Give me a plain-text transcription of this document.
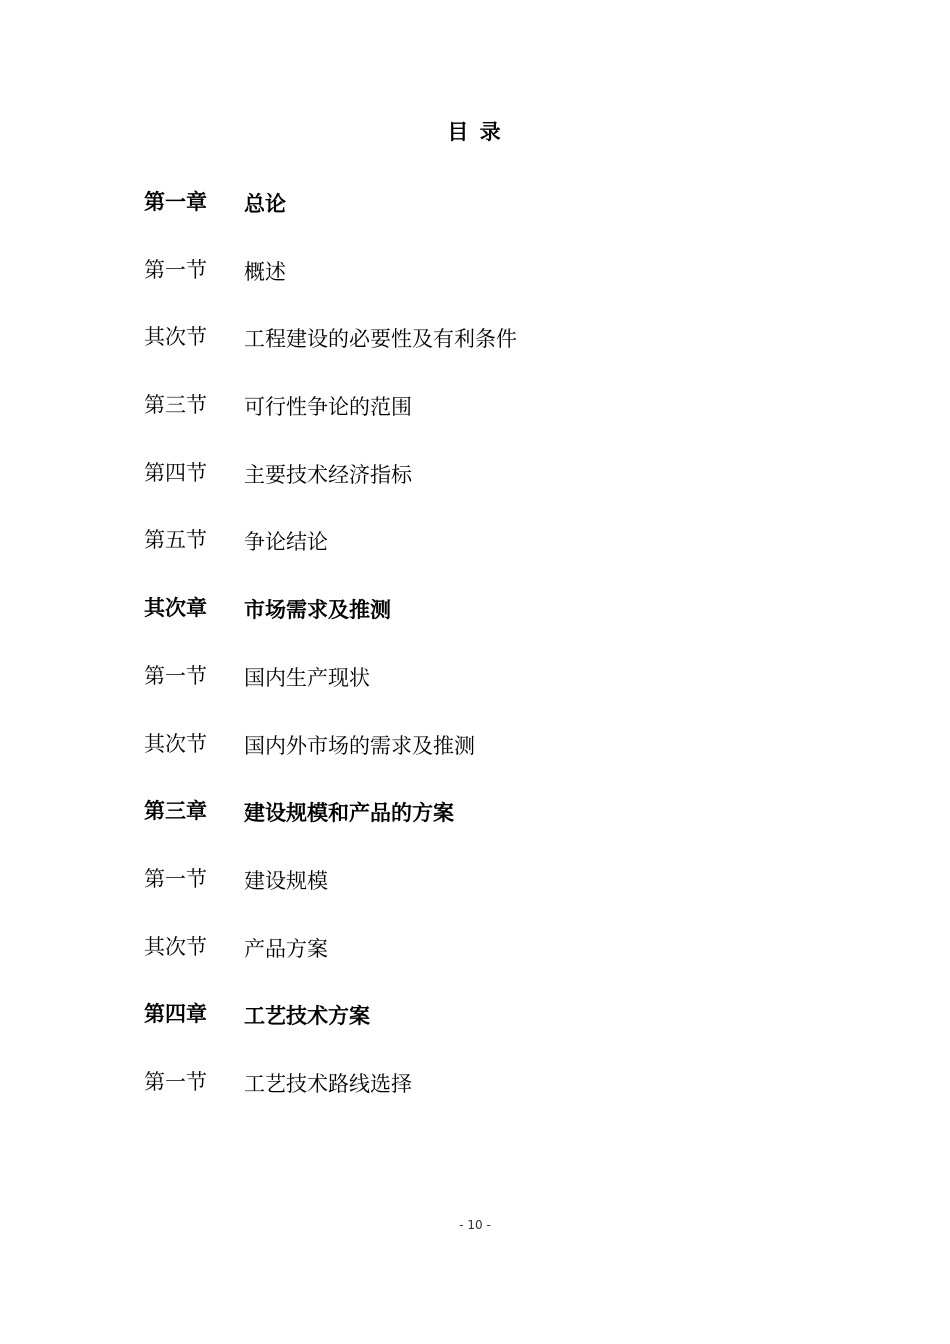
目 录
第一章 总论
第一节 概述
其次节 工程建设的必要性及有利条件
第三节 可行性争论的范围
第四节 主要技术经济指标
第五节 争论结论
其次章 市场需求及推测
第一节 国内生产现状
其次节 国内外市场的需求及推测
第三章 建设规模和产品的方案
第一节 建设规模
其次节 产品方案
第四章 工艺技术方案
第一节 工艺技术路线选择
- 10 -
